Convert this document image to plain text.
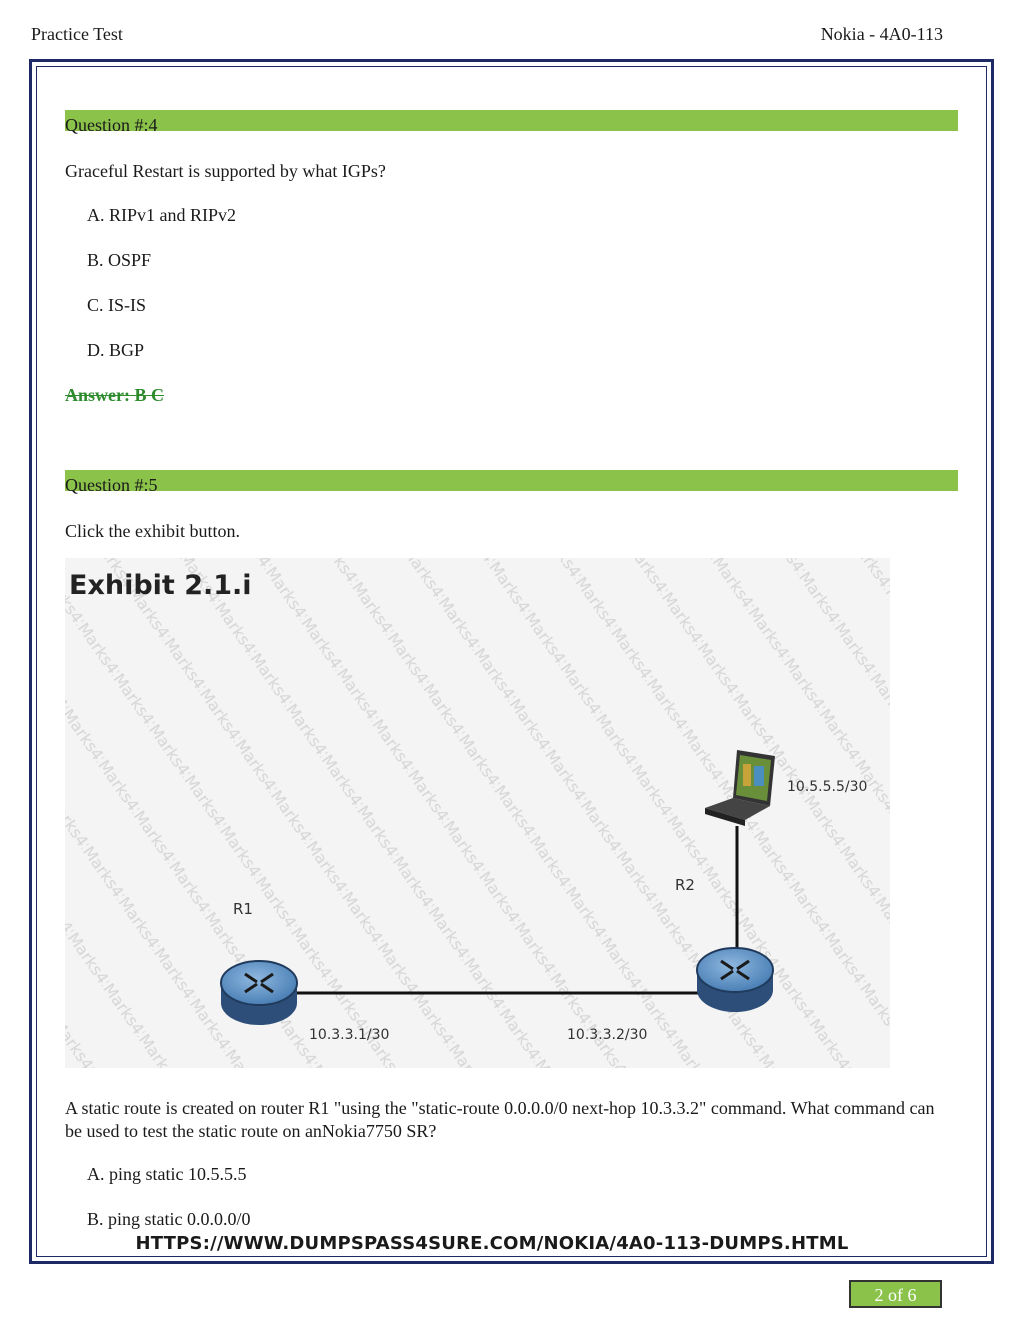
Practice Test	Nokia - 4A0-113
Question #:4
Graceful Restart is supported by what IGPs?
A. RIPv1 and RIPv2
B. OSPF
C. IS-IS
D. BGP
Answer: B C
Question #:5
Click the exhibit button.
Exhibit 2.1.i
R1
R2
10.5.5.5/30
10.3.3.1/30	10.3.3.2/30
A static route is created on router R1 "using the "static-route 0.0.0.0/0 next-hop 10.3.3.2" command. What command can be used to test the static route on anNokia7750 SR?
A. ping static 10.5.5.5
B. ping static 0.0.0.0/0
HTTPS://WWW.DUMPSPASS4SURE.COM/NOKIA/4A0-113-DUMPS.HTML
2 of 6
